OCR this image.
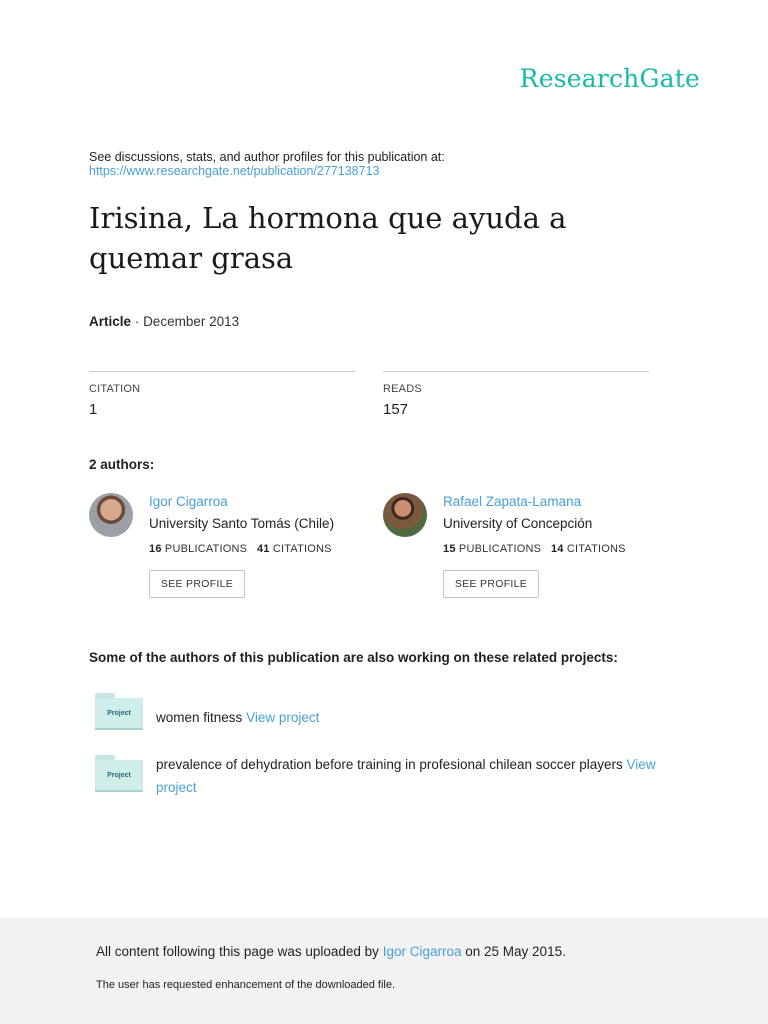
ResearchGate
See discussions, stats, and author profiles for this publication at:
https://www.researchgate.net/publication/277138713
Irisina, La hormona que ayuda a quemar grasa
Article · December 2013
CITATION
1
READS
157
2 authors:
Igor Cigarroa
University Santo Tomás (Chile)
16 PUBLICATIONS 41 CITATIONS
SEE PROFILE
Rafael Zapata-Lamana
University of Concepción
15 PUBLICATIONS 14 CITATIONS
SEE PROFILE
Some of the authors of this publication are also working on these related projects:
Project	women fitness View project
Project
prevalence of dehydration before training in profesional chilean soccer players View project
All content following this page was uploaded by Igor Cigarroa on 25 May 2015.
The user has requested enhancement of the downloaded file.
